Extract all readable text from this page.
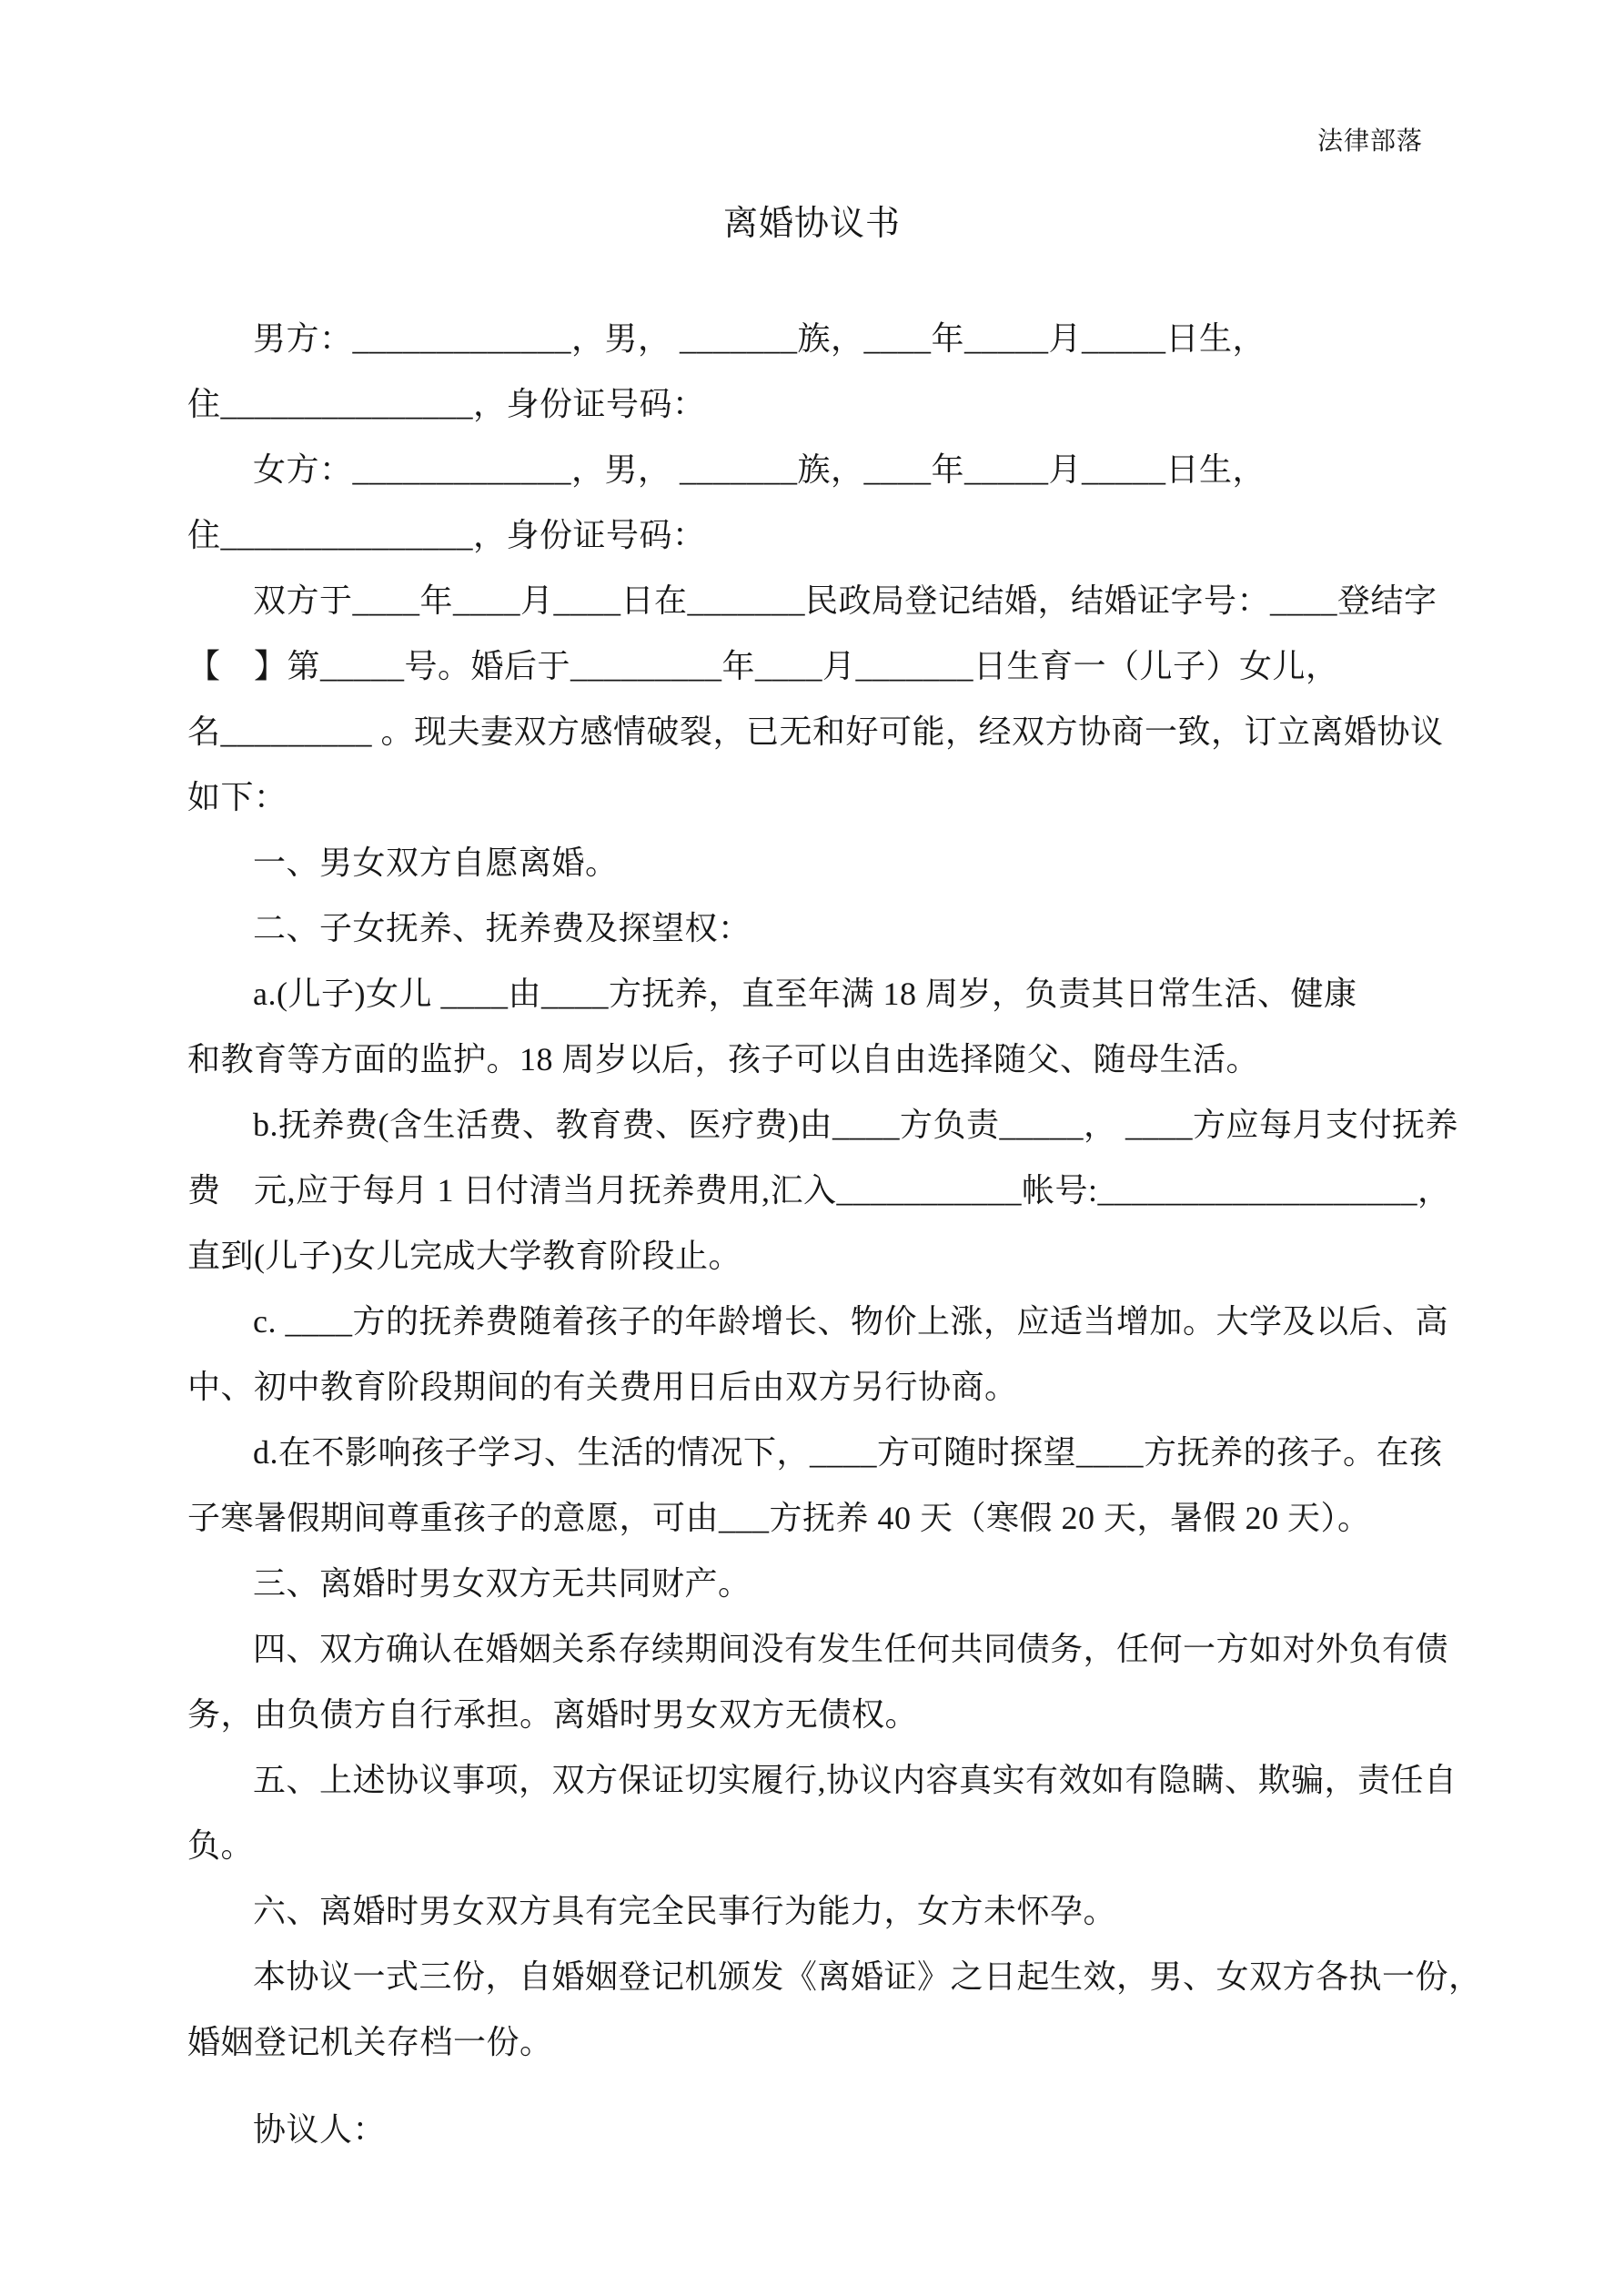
法律部落
离婚协议书
男方：_____________，男， _______族，____年_____月_____日生，
住_______________，身份证号码：
女方：_____________，男， _______族，____年_____月_____日生，
住_______________，身份证号码：
双方于____年____月____日在_______民政局登记结婚，结婚证字号：____登结字
【　】第_____号。婚后于_________年____月_______日生育一（儿子）女儿，
名_________ 。现夫妻双方感情破裂，已无和好可能，经双方协商一致，订立离婚协议
如下：
一、男女双方自愿离婚。
二、子女抚养、抚养费及探望权：
a.(儿子)女儿 ____由____方抚养，直至年满 18 周岁，负责其日常生活、健康
和教育等方面的监护。18 周岁以后，孩子可以自由选择随父、随母生活。
b.抚养费(含生活费、教育费、医疗费)由____方负责_____， ____方应每月支付抚养
费　元,应于每月 1 日付清当月抚养费用,汇入___________帐号:___________________，
直到(儿子)女儿完成大学教育阶段止。
c. ____方的抚养费随着孩子的年龄增长、物价上涨，应适当增加。大学及以后、高
中、初中教育阶段期间的有关费用日后由双方另行协商。
d.在不影响孩子学习、生活的情况下，____方可随时探望____方抚养的孩子。在孩
子寒暑假期间尊重孩子的意愿，可由___方抚养 40 天（寒假 20 天，暑假 20 天）。
三、离婚时男女双方无共同财产。
四、双方确认在婚姻关系存续期间没有发生任何共同债务，任何一方如对外负有债
务，由负债方自行承担。离婚时男女双方无债权。
五、上述协议事项，双方保证切实履行,协议内容真实有效如有隐瞒、欺骗，责任自
负。
六、离婚时男女双方具有完全民事行为能力，女方未怀孕。
本协议一式三份，自婚姻登记机颁发《离婚证》之日起生效，男、女双方各执一份，
婚姻登记机关存档一份。
协议人：
